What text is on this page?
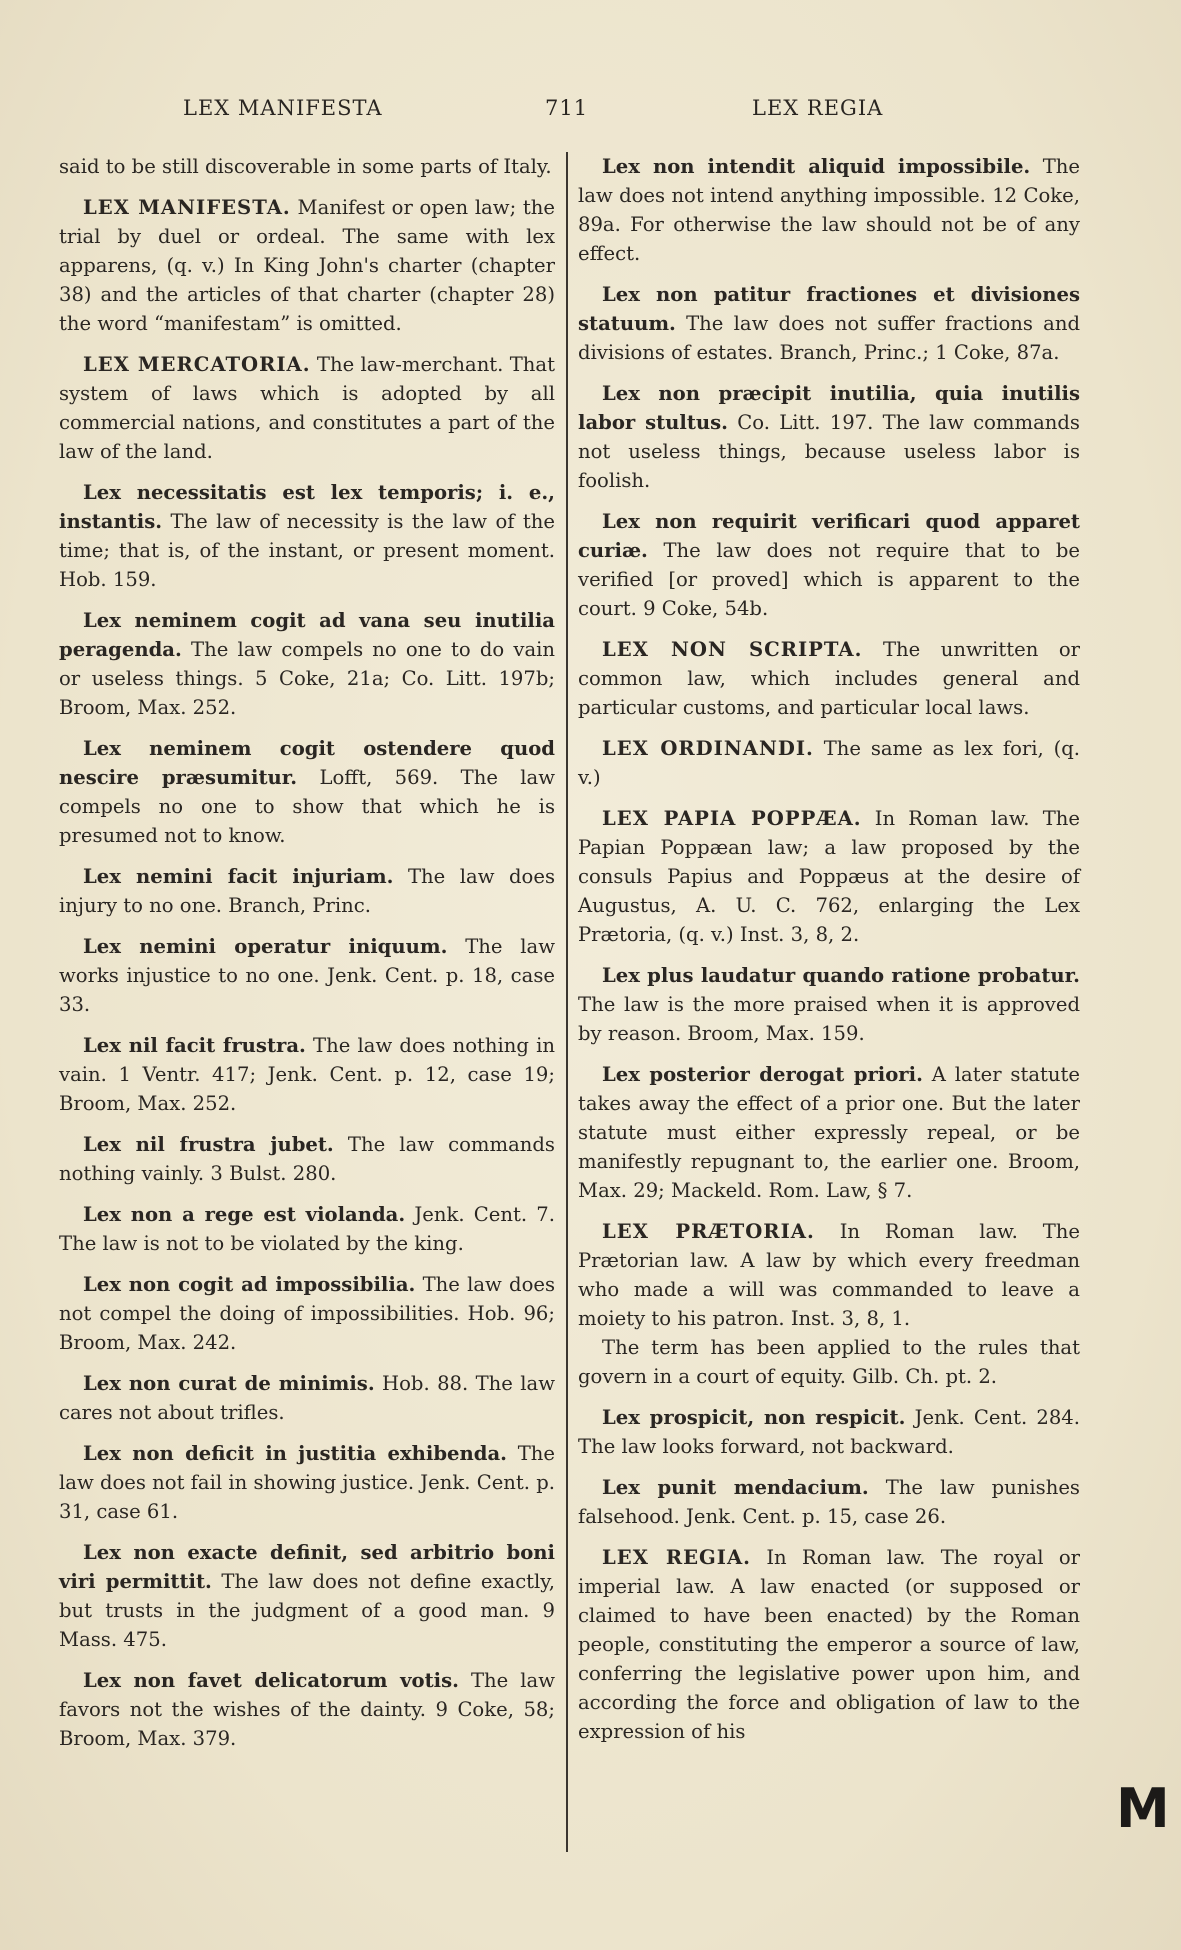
LEX MANIFESTA	711	LEX REGIA

said to be still discoverable in some parts of Italy.

LEX MANIFESTA. Manifest or open law; the trial by duel or ordeal. The same with lex apparens, (q. v.) In King John's charter (chapter 38) and the articles of that charter (chapter 28) the word “manifestam” is omitted.

LEX MERCATORIA. The law-merchant. That system of laws which is adopted by all commercial nations, and constitutes a part of the law of the land.

Lex necessitatis est lex temporis; i. e., instantis. The law of necessity is the law of the time; that is, of the instant, or present moment. Hob. 159.

Lex neminem cogit ad vana seu inutilia peragenda. The law compels no one to do vain or useless things. 5 Coke, 21a; Co. Litt. 197b; Broom, Max. 252.

Lex neminem cogit ostendere quod nescire præsumitur. Lofft, 569. The law compels no one to show that which he is presumed not to know.

Lex nemini facit injuriam. The law does injury to no one. Branch, Princ.

Lex nemini operatur iniquum. The law works injustice to no one. Jenk. Cent. p. 18, case 33.

Lex nil facit frustra. The law does nothing in vain. 1 Ventr. 417; Jenk. Cent. p. 12, case 19; Broom, Max. 252.

Lex nil frustra jubet. The law commands nothing vainly. 3 Bulst. 280.

Lex non a rege est violanda. Jenk. Cent. 7. The law is not to be violated by the king.

Lex non cogit ad impossibilia. The law does not compel the doing of impossibilities. Hob. 96; Broom, Max. 242.

Lex non curat de minimis. Hob. 88. The law cares not about trifles.

Lex non deficit in justitia exhibenda. The law does not fail in showing justice. Jenk. Cent. p. 31, case 61.

Lex non exacte definit, sed arbitrio boni viri permittit. The law does not define exactly, but trusts in the judgment of a good man. 9 Mass. 475.

Lex non favet delicatorum votis. The law favors not the wishes of the dainty. 9 Coke, 58; Broom, Max. 379.

Lex non intendit aliquid impossibile. The law does not intend anything impossible. 12 Coke, 89a. For otherwise the law should not be of any effect.

Lex non patitur fractiones et divisiones statuum. The law does not suffer fractions and divisions of estates. Branch, Princ.; 1 Coke, 87a.

Lex non præcipit inutilia, quia inutilis labor stultus. Co. Litt. 197. The law commands not useless things, because useless labor is foolish.

Lex non requirit verificari quod apparet curiæ. The law does not require that to be verified [or proved] which is apparent to the court. 9 Coke, 54b.

LEX NON SCRIPTA. The unwritten or common law, which includes general and particular customs, and particular local laws.

LEX ORDINANDI. The same as lex fori, (q. v.)

LEX PAPIA POPPÆA. In Roman law. The Papian Poppæan law; a law proposed by the consuls Papius and Poppæus at the desire of Augustus, A. U. C. 762, enlarging the Lex Prætoria, (q. v.) Inst. 3, 8, 2.

Lex plus laudatur quando ratione probatur. The law is the more praised when it is approved by reason. Broom, Max. 159.

Lex posterior derogat priori. A later statute takes away the effect of a prior one. But the later statute must either expressly repeal, or be manifestly repugnant to, the earlier one. Broom, Max. 29; Mackeld. Rom. Law, § 7.

LEX PRÆTORIA. In Roman law. The Prætorian law. A law by which every freedman who made a will was commanded to leave a moiety to his patron. Inst. 3, 8, 1.

The term has been applied to the rules that govern in a court of equity. Gilb. Ch. pt. 2.

Lex prospicit, non respicit. Jenk. Cent. 284. The law looks forward, not backward.

Lex punit mendacium. The law punishes falsehood. Jenk. Cent. p. 15, case 26.

LEX REGIA. In Roman law. The royal or imperial law. A law enacted (or supposed or claimed to have been enacted) by the Roman people, constituting the emperor a source of law, conferring the legislative power upon him, and according the force and obligation of law to the expression of his

M
